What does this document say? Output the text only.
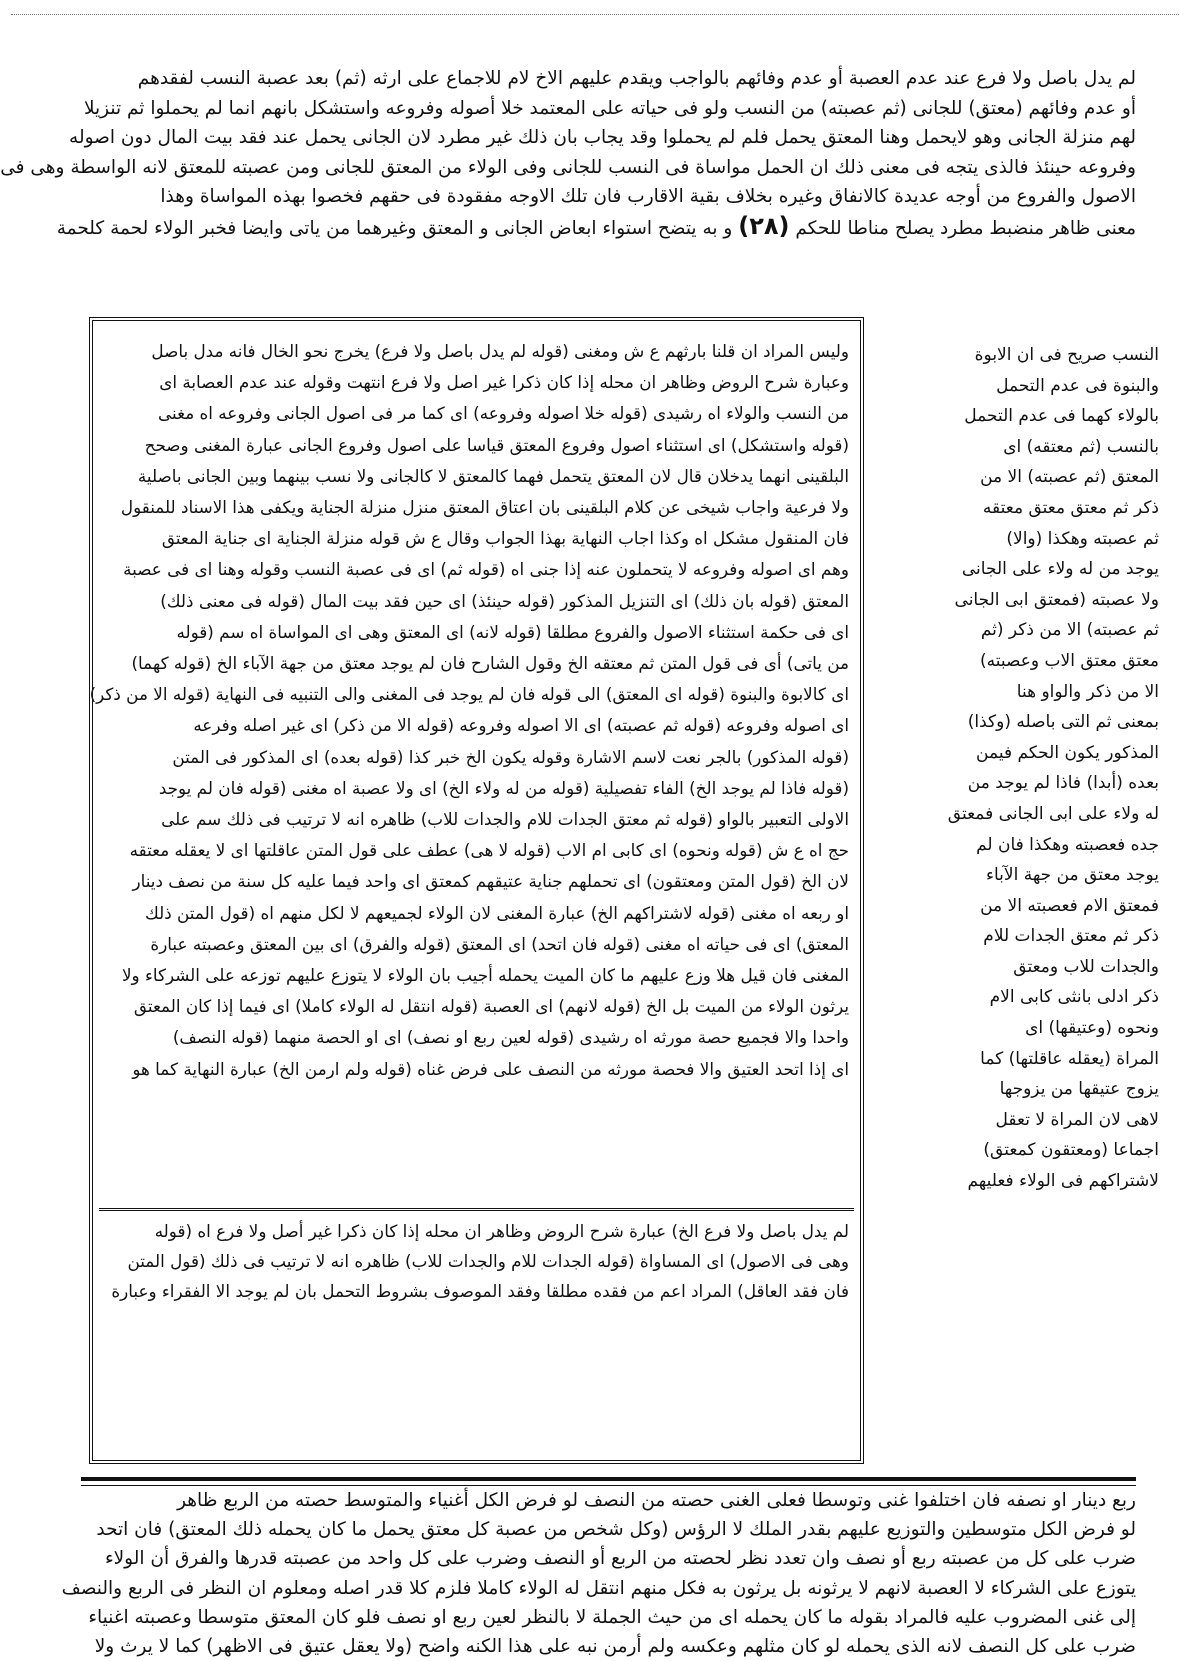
لم يدل باصل ولا فرع عند عدم العصبة أو عدم وفائهم بالواجب ويقدم عليهم الاخ لام للاجماع على ارثه (ثم) بعد عصبة النسب لفقدهم

أو عدم وفائهم (معتق) للجانى (ثم عصبته) من النسب ولو فى حياته على المعتمد خلا أصوله وفروعه واستشكل بانهم انما لم يحملوا ثم تنزيلا

لهم منزلة الجانى وهو لايحمل وهنا المعتق يحمل فلم لم يحملوا وقد يجاب بان ذلك غير مطرد لان الجانى يحمل عند فقد بيت المال دون اصوله

وفروعه حينئذ فالذى يتجه فى معنى ذلك ان الحمل مواساة فى النسب للجانى وفى الولاء من المعتق للجانى ومن عصبته للمعتق لانه الواسطة وهى فى

الاصول والفروع من أوجه عديدة كالانفاق وغيره بخلاف بقية الاقارب فان تلك الاوجه مفقودة فى حقهم فخصوا بهذه المواساة وهذا

معنى ظاهر منضبط مطرد يصلح مناطا للحكم (٢٨) و به يتضح استواء ابعاض الجانى و المعتق وغيرهما من ياتى وايضا فخبر الولاء لحمة كلحمة

النسب صريح فى ان الابوة

والبنوة فى عدم التحمل

بالولاء كهما فى عدم التحمل

بالنسب (ثم معتقه) اى

المعتق (ثم عصبته) الا من

ذكر ثم معتق معتق معتقه

ثم عصبته وهكذا (والا)

يوجد من له ولاء على الجانى

ولا عصبته (فمعتق ابى الجانى

ثم عصبته) الا من ذكر (ثم

معتق معتق الاب وعصبته)

الا من ذكر والواو هنا

بمعنى ثم التى باصله (وكذا)

المذكور يكون الحكم فيمن

بعده (أبدا) فاذا لم يوجد من

له ولاء على ابى الجانى فمعتق

جده فعصبته وهكذا فان لم

يوجد معتق من جهة الآباء

فمعتق الام فعصبته الا من

ذكر ثم معتق الجدات للام

والجدات للاب ومعتق

ذكر ادلى بانثى كابى الام

ونحوه (وعتيقها) اى

المراة (يعقله عاقلتها) كما

يزوج عتيقها من يزوجها

لاهى لان المراة لا تعقل

اجماعا (ومعتقون كمعتق)

لاشتراكهم فى الولاء فعليهم

وليس المراد ان قلنا بارثهم ع ش ومغنى (قوله لم يدل باصل ولا فرع) يخرج نحو الخال فانه مدل باصل

وعبارة شرح الروض وظاهر ان محله إذا كان ذكرا غير اصل ولا فرع انتهت وقوله عند عدم العصابة اى

من النسب والولاء اه رشيدى (قوله خلا اصوله وفروعه) اى كما مر فى اصول الجانى وفروعه اه مغنى

(قوله واستشكل) اى استثناء اصول وفروع المعتق قياسا على اصول وفروع الجانى عبارة المغنى وصحح

البلقينى انهما يدخلان قال لان المعتق يتحمل فهما كالمعتق لا كالجانى ولا نسب بينهما وبين الجانى باصلية

ولا فرعية واجاب شيخى عن كلام البلقينى بان اعتاق المعتق منزل منزلة الجناية ويكفى هذا الاسناد للمنقول

فان المنقول مشكل اه وكذا اجاب النهاية بهذا الجواب وقال ع ش قوله منزلة الجناية اى جناية المعتق

وهم اى اصوله وفروعه لا يتحملون عنه إذا جنى اه (قوله ثم) اى فى عصبة النسب وقوله وهنا اى فى عصبة

المعتق (قوله بان ذلك) اى التنزيل المذكور (قوله حينئذ) اى حين فقد بيت المال (قوله فى معنى ذلك)

اى فى حكمة استثناء الاصول والفروع مطلقا (قوله لانه) اى المعتق وهى اى المواساة اه سم (قوله

من ياتى) أى فى قول المتن ثم معتقه الخ وقول الشارح فان لم يوجد معتق من جهة الآباء الخ (قوله كهما)

اى كالابوة والبنوة (قوله اى المعتق) الى قوله فان لم يوجد فى المغنى والى التنبيه فى النهاية (قوله الا من ذكر)

اى اصوله وفروعه (قوله ثم عصبته) اى الا اصوله وفروعه (قوله الا من ذكر) اى غير اصله وفرعه

(قوله المذكور) بالجر نعت لاسم الاشارة وقوله يكون الخ خبر كذا (قوله بعده) اى المذكور فى المتن

(قوله فاذا لم يوجد الخ) الفاء تفصيلية (قوله من له ولاء الخ) اى ولا عصبة اه مغنى (قوله فان لم يوجد

الاولى التعبير بالواو (قوله ثم معتق الجدات للام والجدات للاب) ظاهره انه لا ترتيب فى ذلك سم على

حج اه ع ش (قوله ونحوه) اى كابى ام الاب (قوله لا هى) عطف على قول المتن عاقلتها اى لا يعقله معتقه

لان الخ (قول المتن ومعتقون) اى تحملهم جناية عتيقهم كمعتق اى واحد فيما عليه كل سنة من نصف دينار

او ربعه اه مغنى (قوله لاشتراكهم الخ) عبارة المغنى لان الولاء لجميعهم لا لكل منهم اه (قول المتن ذلك

المعتق) اى فى حياته اه مغنى (قوله فان اتحد) اى المعتق (قوله والفرق) اى بين المعتق وعصبته عبارة

المغنى فان قيل هلا وزع عليهم ما كان الميت يحمله أجيب بان الولاء لا يتوزع عليهم توزعه على الشركاء ولا

يرثون الولاء من الميت بل الخ (قوله لانهم) اى العصبة (قوله انتقل له الولاء كاملا) اى فيما إذا كان المعتق

واحدا والا فجميع حصة مورثه اه رشيدى (قوله لعين ربع او نصف) اى او الحصة منهما (قوله النصف)

اى إذا اتحد العتيق والا فحصة مورثه من النصف على فرض غناه (قوله ولم ارمن الخ) عبارة النهاية كما هو

لم يدل باصل ولا فرع الخ) عبارة شرح الروض وظاهر ان محله إذا كان ذكرا غير أصل ولا فرع اه (قوله

وهى فى الاصول) اى المساواة (قوله الجدات للام والجدات للاب) ظاهره انه لا ترتيب فى ذلك (قول المتن

فان فقد العاقل) المراد اعم من فقده مطلقا وفقد الموصوف بشروط التحمل بان لم يوجد الا الفقراء وعبارة

ربع دينار او نصفه فان اختلفوا غنى وتوسطا فعلى الغنى حصته من النصف لو فرض الكل أغنياء والمتوسط حصته من الربع ظاهر

لو فرض الكل متوسطين والتوزيع عليهم بقدر الملك لا الرؤس (وكل شخص من عصبة كل معتق يحمل ما كان يحمله ذلك المعتق) فان اتحد

ضرب على كل من عصبته ربع أو نصف وان تعدد نظر لحصته من الربع أو النصف وضرب على كل واحد من عصبته قدرها والفرق أن الولاء

يتوزع على الشركاء لا العصبة لانهم لا يرثونه بل يرثون به فكل منهم انتقل له الولاء كاملا فلزم كلا قدر اصله ومعلوم ان النظر فى الربع والنصف

إلى غنى المضروب عليه فالمراد بقوله ما كان يحمله اى من حيث الجملة لا بالنظر لعين ربع او نصف فلو كان المعتق متوسطا وعصبته اغنياء

ضرب على كل النصف لانه الذى يحمله لو كان مثلهم وعكسه ولم أرمن نبه على هذا الكنه واضح (ولا يعقل عتيق فى الاظهر) كما لا يرث ولا
